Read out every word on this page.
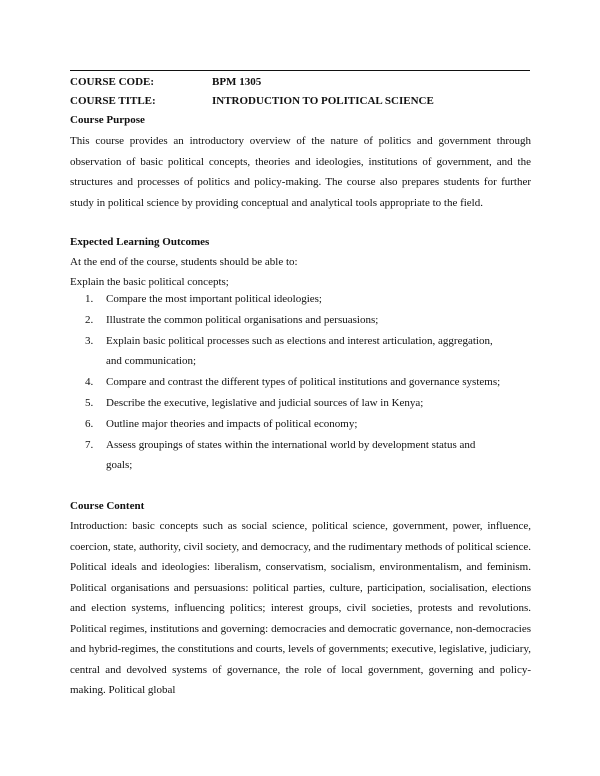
COURSE CODE:	BPM 1305
COURSE TITLE:	INTRODUCTION TO POLITICAL SCIENCE
Course Purpose
This course provides an introductory overview of the nature of politics and government through observation of basic political concepts, theories and ideologies, institutions of government, and the structures and processes of politics and policy-making. The course also prepares students for further study in political science by providing conceptual and analytical tools appropriate to the field.
Expected Learning Outcomes
At the end of the course, students should be able to:
Explain the basic political concepts;
1. Compare the most important political ideologies;
2. Illustrate the common political organisations and persuasions;
3. Explain basic political processes such as elections and interest articulation, aggregation,
and communication;
4. Compare and contrast the different types of political institutions and governance systems;
5. Describe the executive, legislative and judicial sources of law in Kenya;
6. Outline major theories and impacts of political economy;
7. Assess groupings of states within the international world by development status and
goals;
Course Content
Introduction: basic concepts such as social science, political science, government, power, influence, coercion, state, authority, civil society, and democracy, and the rudimentary methods of political science. Political ideals and ideologies: liberalism, conservatism, socialism, environmentalism, and feminism. Political organisations and persuasions: political parties, culture, participation, socialisation, elections and election systems, influencing politics; interest groups, civil societies, protests and revolutions. Political regimes, institutions and governing: democracies and democratic governance, non-democracies and hybrid-regimes, the constitutions and courts, levels of governments; executive, legislative, judiciary, central and devolved systems of governance, the role of local government, governing and policy-making. Political global
